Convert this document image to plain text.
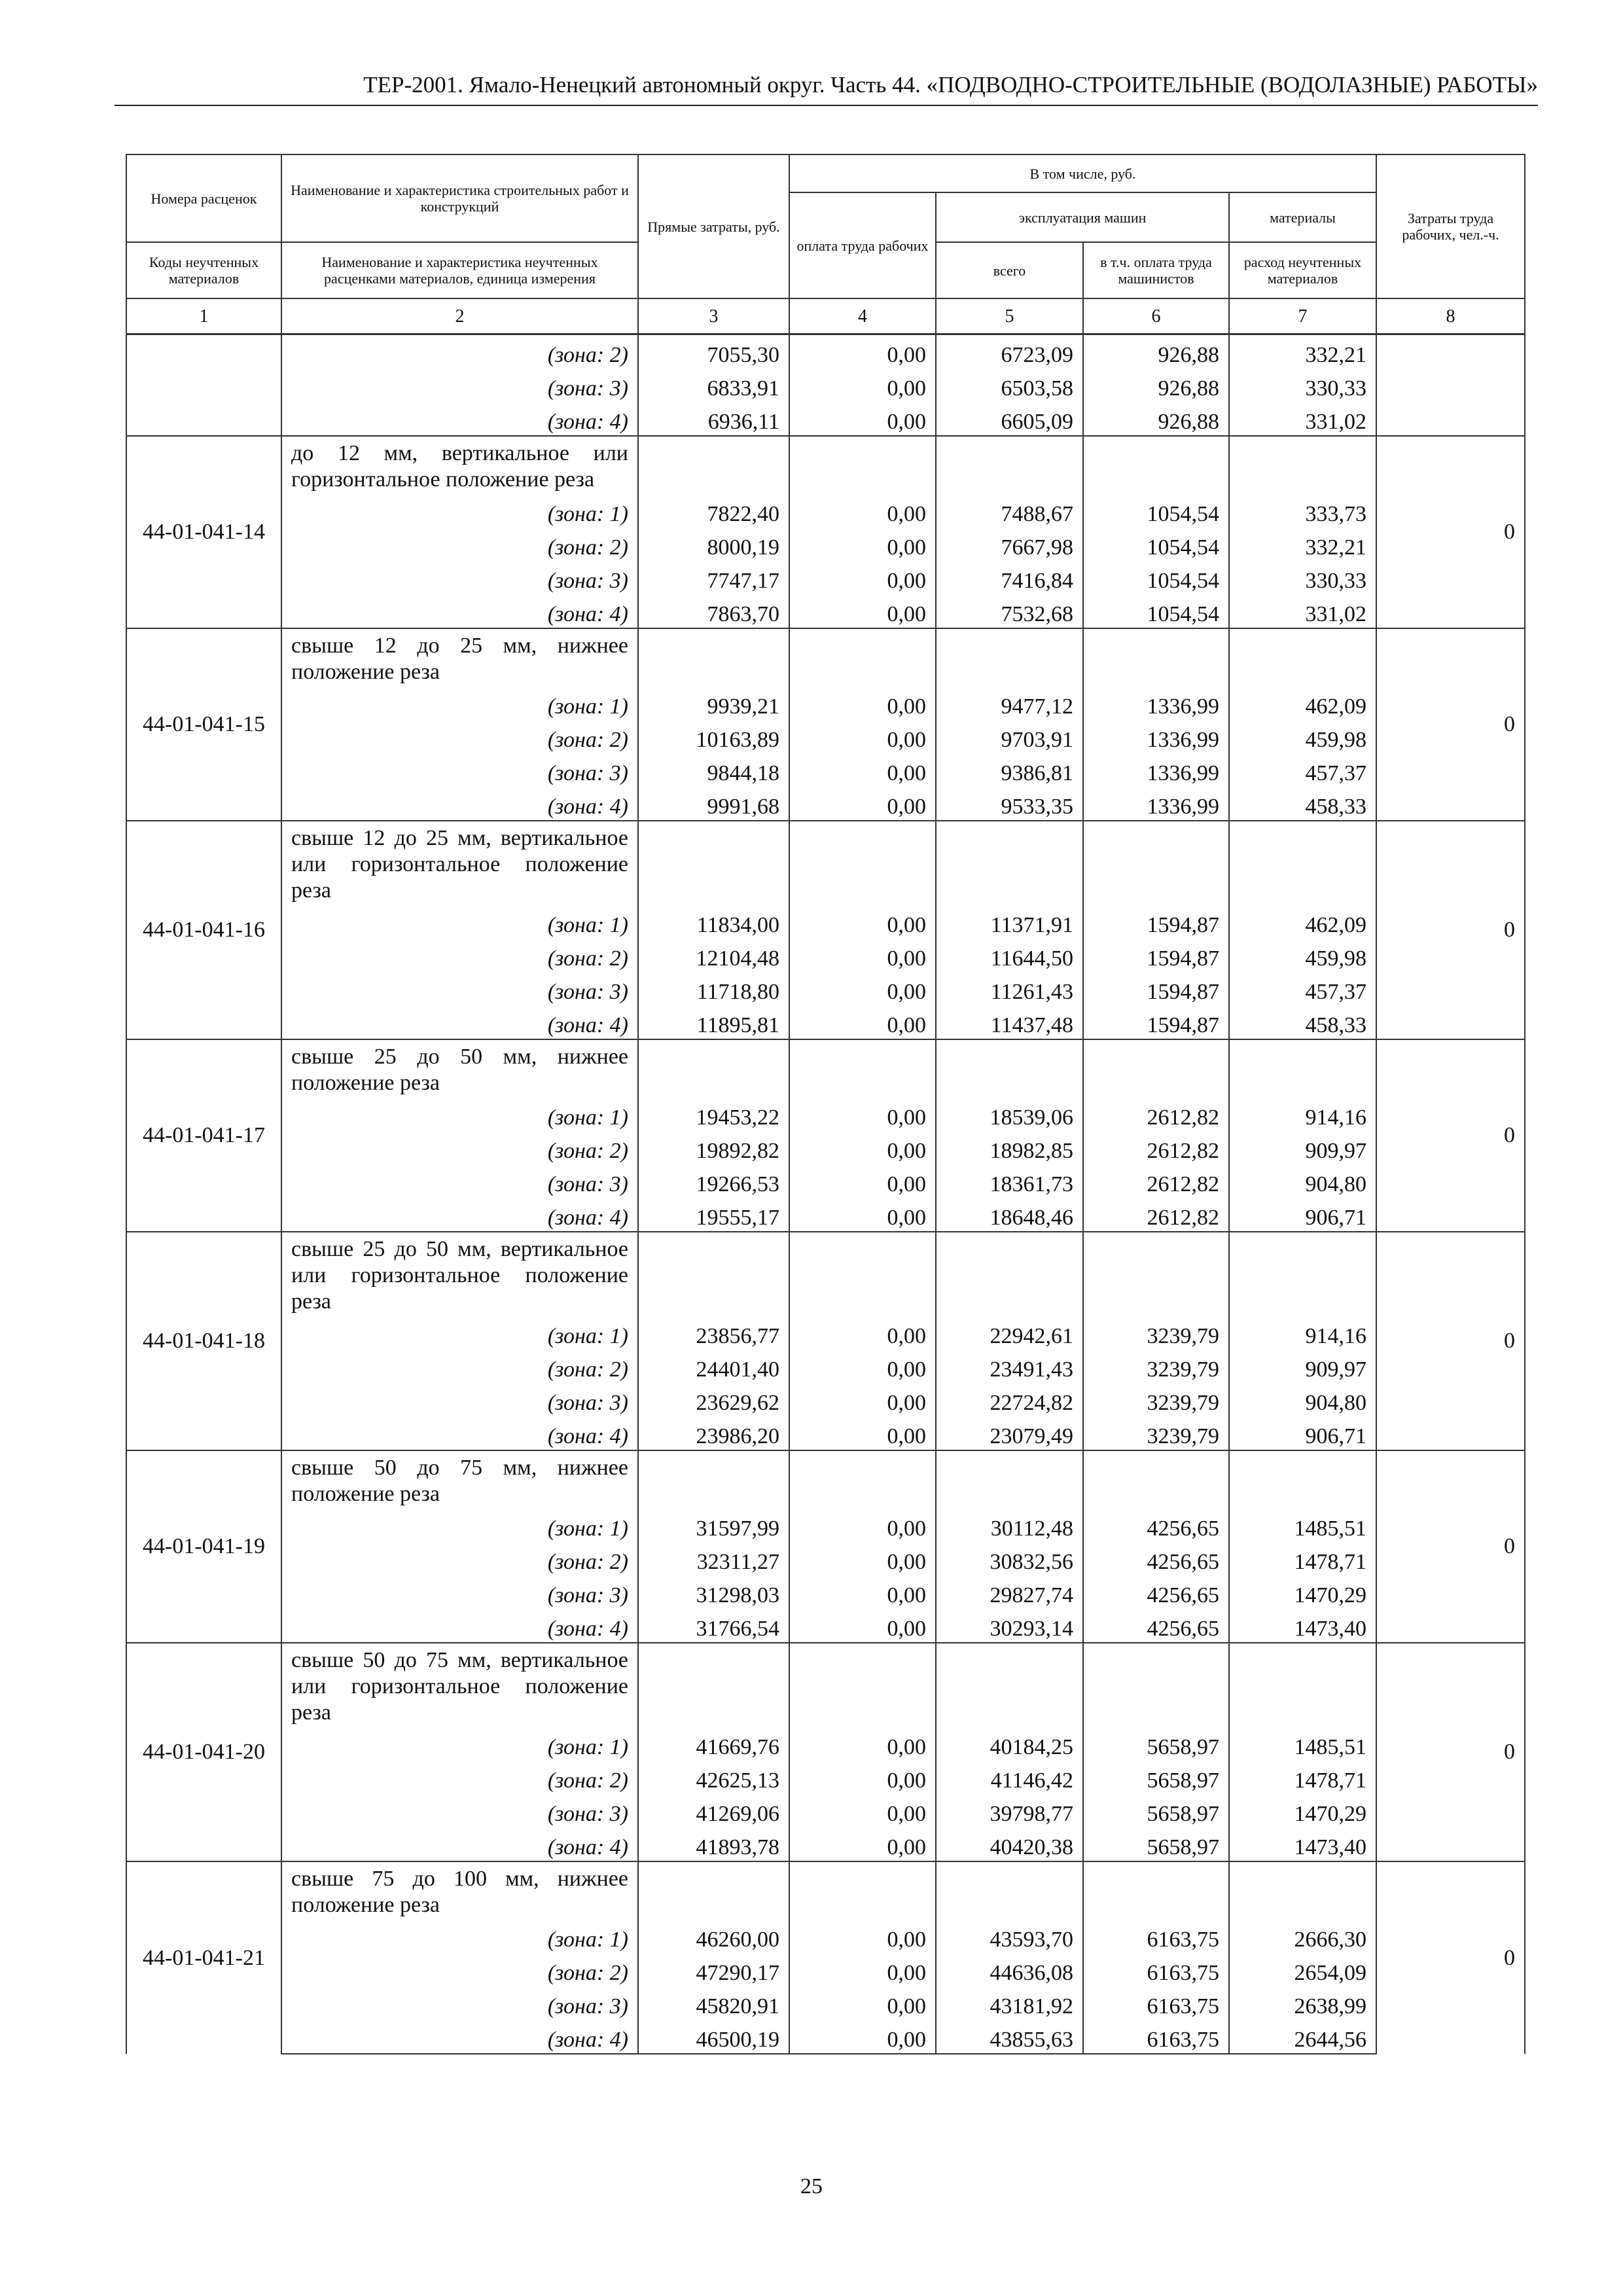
ТЕР-2001. Ямало-Ненецкий автономный округ. Часть 44. «ПОДВОДНО-СТРОИТЕЛЬНЫЕ (ВОДОЛАЗНЫЕ) РАБОТЫ»
Номера расценок	Наименование и характеристика строительных работ и конструкций	Прямые затраты, руб.	В том числе, руб.				Затраты труда рабочих, чел.-ч.
			оплата труда рабочих	эксплуатация машин		материалы	
Коды неучтенных материалов	Наименование и характеристика неучтенных расценками материалов, единица измерения			всего	в т.ч. оплата труда машинистов	расход неучтенных материалов	
1	2	3	4	5	6	7	8
	(зона: 2)	7055,30	0,00	6723,09	926,88	332,21	
	(зона: 3)	6833,91	0,00	6503,58	926,88	330,33	
	(зона: 4)	6936,11	0,00	6605,09	926,88	331,02	
44-01-041-14	до 12 мм, вертикальное или горизонтальное положение реза						0
	(зона: 1)	7822,40	0,00	7488,67	1054,54	333,73	
	(зона: 2)	8000,19	0,00	7667,98	1054,54	332,21	
	(зона: 3)	7747,17	0,00	7416,84	1054,54	330,33	
	(зона: 4)	7863,70	0,00	7532,68	1054,54	331,02	
44-01-041-15	свыше 12 до 25 мм, нижнее положение реза						0
	(зона: 1)	9939,21	0,00	9477,12	1336,99	462,09	
	(зона: 2)	10163,89	0,00	9703,91	1336,99	459,98	
	(зона: 3)	9844,18	0,00	9386,81	1336,99	457,37	
	(зона: 4)	9991,68	0,00	9533,35	1336,99	458,33	
44-01-041-16	свыше 12 до 25 мм, вертикальное или горизонтальное положение реза						0
	(зона: 1)	11834,00	0,00	11371,91	1594,87	462,09	
	(зона: 2)	12104,48	0,00	11644,50	1594,87	459,98	
	(зона: 3)	11718,80	0,00	11261,43	1594,87	457,37	
	(зона: 4)	11895,81	0,00	11437,48	1594,87	458,33	
44-01-041-17	свыше 25 до 50 мм, нижнее положение реза						0
	(зона: 1)	19453,22	0,00	18539,06	2612,82	914,16	
	(зона: 2)	19892,82	0,00	18982,85	2612,82	909,97	
	(зона: 3)	19266,53	0,00	18361,73	2612,82	904,80	
	(зона: 4)	19555,17	0,00	18648,46	2612,82	906,71	
44-01-041-18	свыше 25 до 50 мм, вертикальное или горизонтальное положение реза						0
	(зона: 1)	23856,77	0,00	22942,61	3239,79	914,16	
	(зона: 2)	24401,40	0,00	23491,43	3239,79	909,97	
	(зона: 3)	23629,62	0,00	22724,82	3239,79	904,80	
	(зона: 4)	23986,20	0,00	23079,49	3239,79	906,71	
44-01-041-19	свыше 50 до 75 мм, нижнее положение реза						0
	(зона: 1)	31597,99	0,00	30112,48	4256,65	1485,51	
	(зона: 2)	32311,27	0,00	30832,56	4256,65	1478,71	
	(зона: 3)	31298,03	0,00	29827,74	4256,65	1470,29	
	(зона: 4)	31766,54	0,00	30293,14	4256,65	1473,40	
44-01-041-20	свыше 50 до 75 мм, вертикальное или горизонтальное положение реза						0
	(зона: 1)	41669,76	0,00	40184,25	5658,97	1485,51	
	(зона: 2)	42625,13	0,00	41146,42	5658,97	1478,71	
	(зона: 3)	41269,06	0,00	39798,77	5658,97	1470,29	
	(зона: 4)	41893,78	0,00	40420,38	5658,97	1473,40	
44-01-041-21	свыше 75 до 100 мм, нижнее положение реза						0
	(зона: 1)	46260,00	0,00	43593,70	6163,75	2666,30	
	(зона: 2)	47290,17	0,00	44636,08	6163,75	2654,09	
	(зона: 3)	45820,91	0,00	43181,92	6163,75	2638,99	
	(зона: 4)	46500,19	0,00	43855,63	6163,75	2644,56	
25
